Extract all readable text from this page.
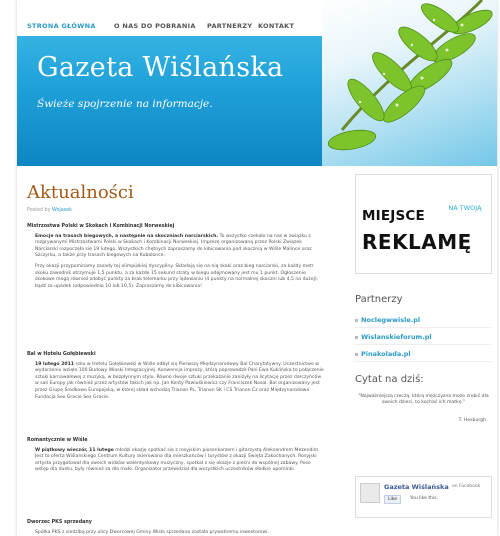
STRONA GŁÓWNA	O NAS DO POBRANIA PARTNERZY KONTAKT
Gazeta Wiślańska
Świeże spojrzenie na informacje.
Aktualności
Posted by Wojasek
Mistrzostwa Polski w Skokach i Kombinacji Norweskiej

Emocje na trasach biegowych, a następnie na skoczniach narciarskich. To wszystko czekało na nas w związku z rozgrywanymi Mistrzostwami Polski w Skokach i Kombinacji Norweskiej. Imprezę organizowaną przez Polski Związek Narciarski rozpoczęła się 19 lutego. Wszystkich chętnych zapraszamy do kibicowania pod skocznią w Wiśle Malince oraz Szczyrku, a także przy trasach biegowych na Kubalonce.

Przy okazji przypominamy zasady tej olimpijskiej dyscypliny. Składają się na nią skoki oraz bieg narciarski, za każdy metr skoku zawodnik otrzymuje 1,5 punktu, a za każde 15 sekund straty w biegu odejmowany jest mu 1 punkt. Ogłoszenie skokowe mogą również zdobyć punkty za brak telemarku przy lądowaniu (4 punkty na normalnej skoczni lub 4,5 na dużej), bądź za upadek (odpowiednio 10 lub 10,5). Zapraszamy do kibicowania!

Bal w Hotelu Gołębiewski

19 lutego 2011 roku w Hotelu Gołębiewski w Wiśle odbył się Pierwszy Międzynarodowy Bal Charytatywny. Uczestnictwo w wydarzeniu wzięło 100 Budowy Wioski Integracyjnej. Konwencja imprezy, którą poprowadził Pani Ewa Kuklińska to połączenie sztuki karnawałowej z muzyką, w bezpłynnym stylu. Równo dwoje sztuki przekazanie zaniżyły na licytację przez darczyńców w sali Europy jak również przez artystów takich jak np. Jan Kenty Pawluśkiewicz czy Franciszek Nosal. Bal organizowany jest przez Grupę Środkowo Europejską, w której skład wchodzą Trianon PL, Trianon SK i CS Trianon Cz oraz Międzynarodowa Fundacja Sex Gracie Sex Gracie.

Romantycznie w Wiśle

W piątkowy wieczór, 11 lutego młodzi okazję spotkać się z rosyjskim piosenkarzem i gitarzystą Aleksandrem Mezendim. Jest to oferta Wiślańskiego Centrum Kultury skierowana dla mieszkańców i turystów z okazji Święta Zakochanych. Rosyjski artysta przygotował dla swoich widzów walentynkowy muzyczny, spotkał z się okazje z pieśni do wspólnej zabawy. Pose wstęp dla duetu, były również za dla mało. Organizator przewidział dla wszystkich uczestników słodkie upominki.

Dworzec PKS sprzedany

Spółka PKS z siedzibą przy ulicy Dworcowej Gminy Wisła sprzedana została prywatnemu inwestorowi.

MIEJSCE	NA TWOJĄ
REKLAMĘ
Partnerzy
Noclegwwisle.pl
Wislanskieforum.pl
Pinakolada.pl
Cytat na dziś:
"Najważniejszą rzeczą, którą mężczyzna może zrobić dla swoich dzieci, to kochać ich matkę."
T. Hesburgh
Gazeta Wiślańska on Facebook
Like	You like this.
